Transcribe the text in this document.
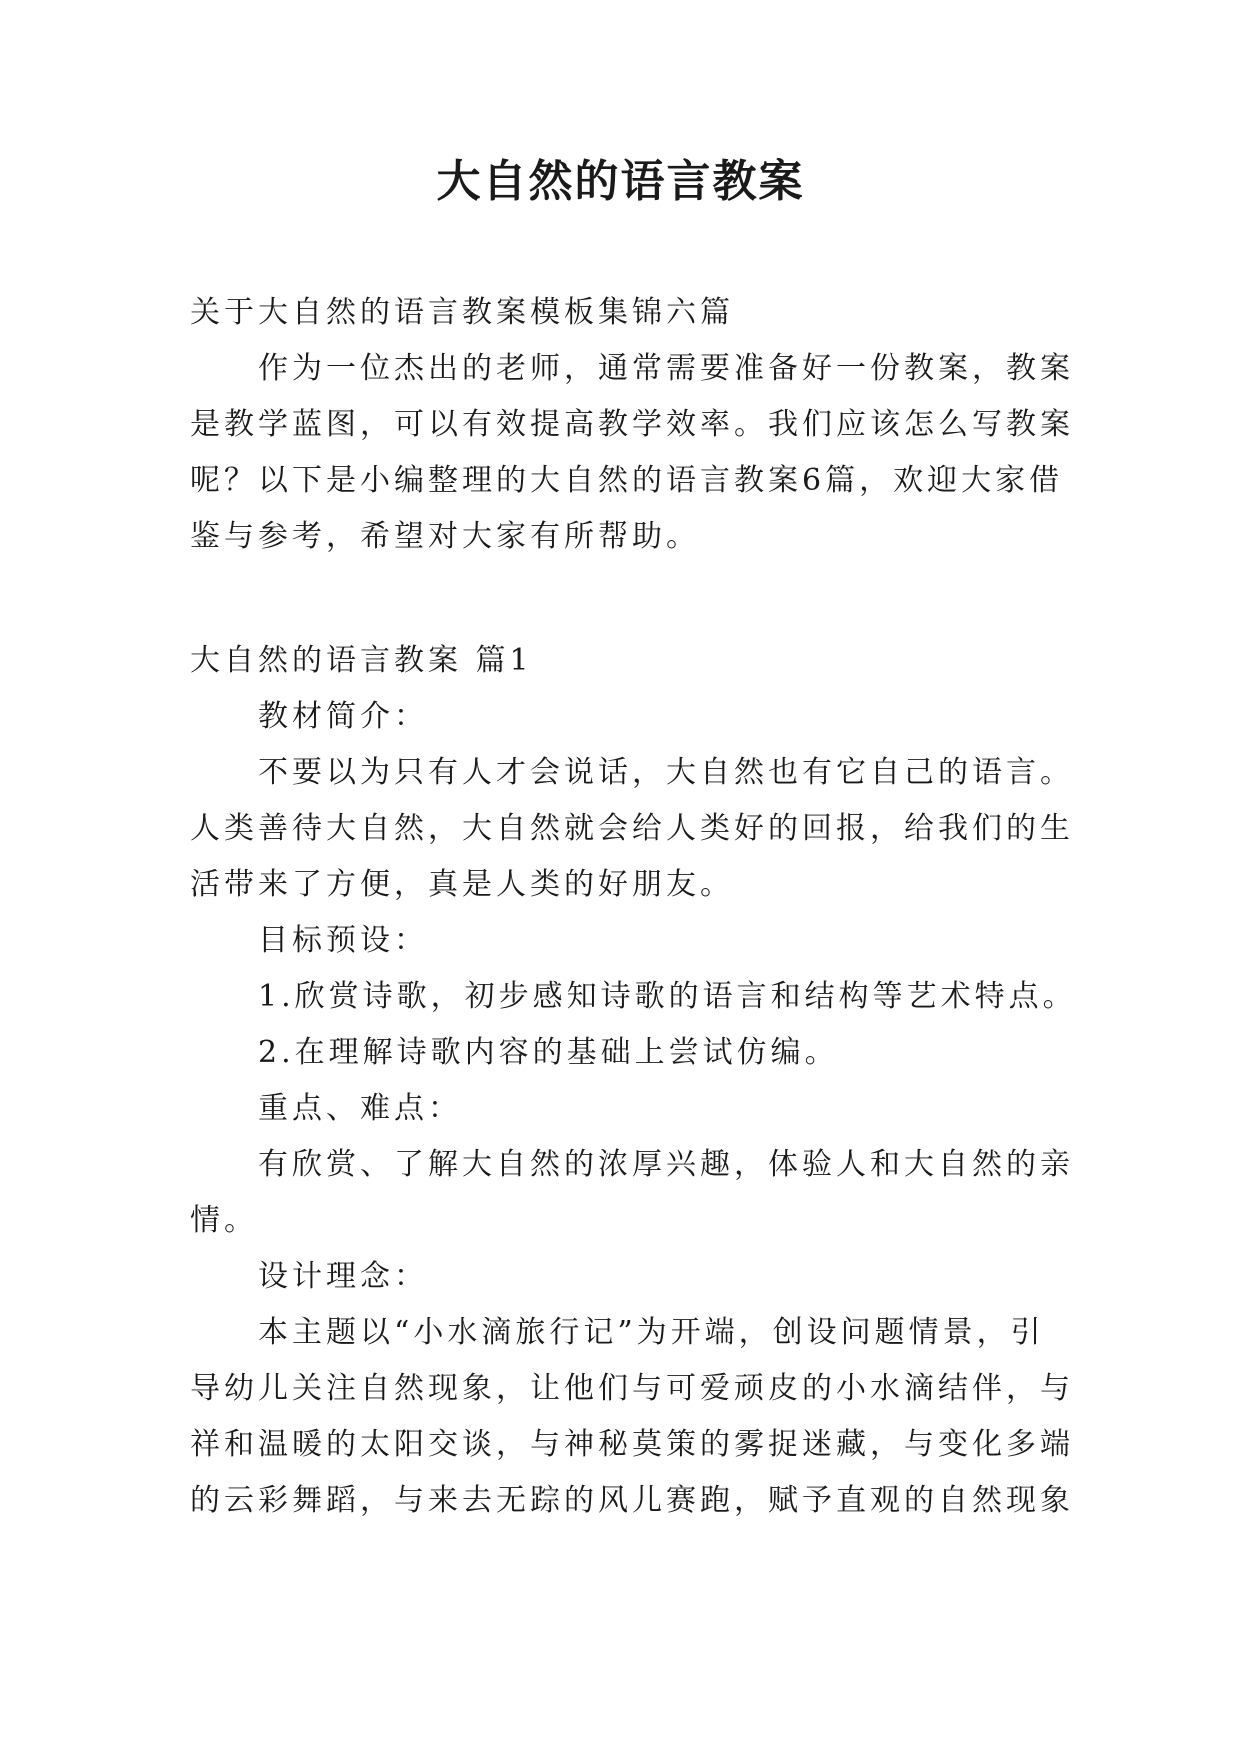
大自然的语言教案
关于大自然的语言教案模板集锦六篇
作为一位杰出的老师，通常需要准备好一份教案，教案
是教学蓝图，可以有效提高教学效率。我们应该怎么写教案
呢？以下是小编整理的大自然的语言教案6篇，欢迎大家借
鉴与参考，希望对大家有所帮助。
大自然的语言教案 篇1
教材简介：
不要以为只有人才会说话，大自然也有它自己的语言。
人类善待大自然，大自然就会给人类好的回报，给我们的生
活带来了方便，真是人类的好朋友。
目标预设：
1.欣赏诗歌，初步感知诗歌的语言和结构等艺术特点。
2.在理解诗歌内容的基础上尝试仿编。
重点、难点：
有欣赏、了解大自然的浓厚兴趣，体验人和大自然的亲
情。
设计理念：
本主题以“小水滴旅行记”为开端，创设问题情景，引
导幼儿关注自然现象，让他们与可爱顽皮的小水滴结伴，与
祥和温暖的太阳交谈，与神秘莫策的雾捉迷藏，与变化多端
的云彩舞蹈，与来去无踪的风儿赛跑，赋予直观的自然现象
